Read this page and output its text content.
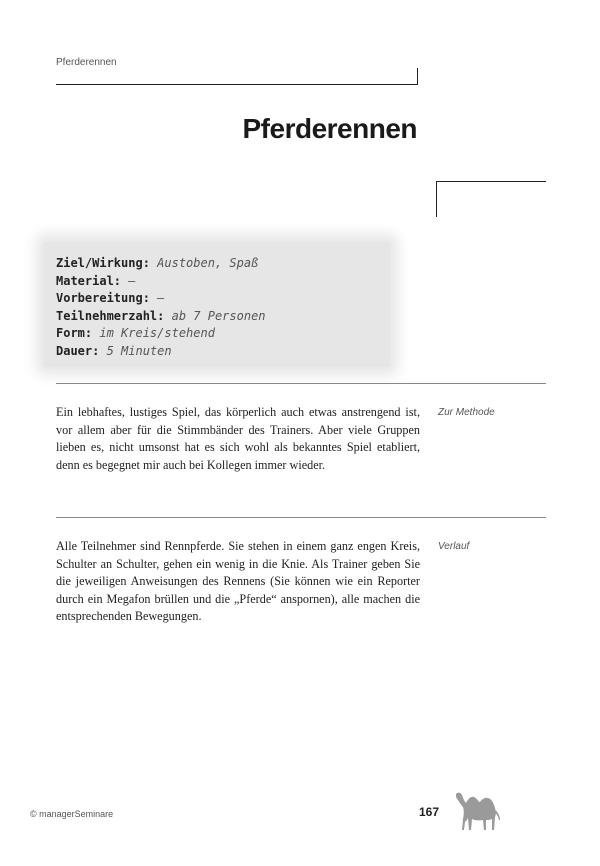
Pferderennen
Pferderennen
Ziel/Wirkung: Austoben, Spaß
Material: –
Vorbereitung: –
Teilnehmerzahl: ab 7 Personen
Form: im Kreis/stehend
Dauer: 5 Minuten
Ein lebhaftes, lustiges Spiel, das körperlich auch etwas anstrengend ist, vor allem aber für die Stimmbänder des Trainers. Aber viele Gruppen lieben es, nicht umsonst hat es sich wohl als bekanntes Spiel etabliert, denn es begegnet mir auch bei Kollegen immer wieder.
Zur Methode
Alle Teilnehmer sind Rennpferde. Sie stehen in einem ganz engen Kreis, Schulter an Schulter, gehen ein wenig in die Knie. Als Trainer geben Sie die jeweiligen Anweisungen des Rennens (Sie können wie ein Reporter durch ein Megafon brüllen und die „Pferde“ anspornen), alle machen die entsprechenden Bewegungen.
Verlauf
© managerSeminare	167
